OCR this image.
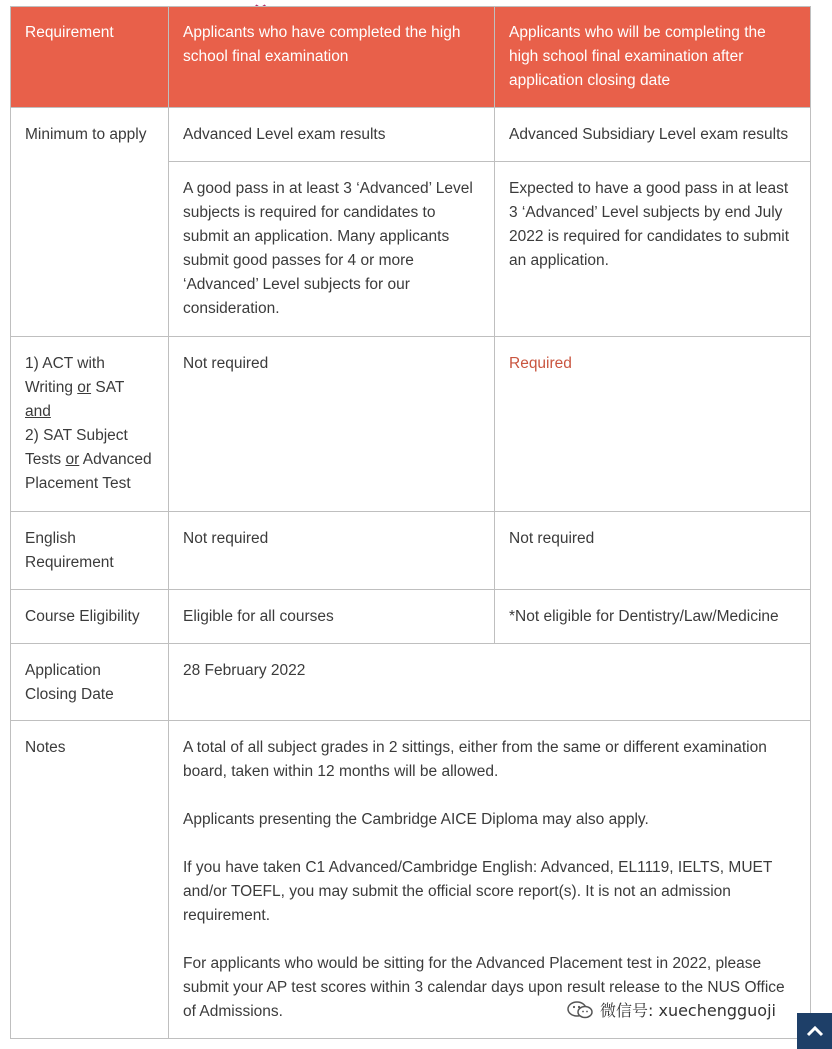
Requirement	Applicants who have completed the high school final examination	Applicants who will be completing the high school final examination after application closing date
Minimum to apply	Advanced Level exam results	Advanced Subsidiary Level exam results
	A good pass in at least 3 ‘Advanced’ Level subjects is required for candidates to submit an application. Many applicants submit good passes for 4 or more ‘Advanced’ Level subjects for our consideration.	Expected to have a good pass in at least 3 ‘Advanced’ Level subjects by end July 2022 is required for candidates to submit an application.
1) ACT with Writing or SAT
and
2) SAT Subject Tests or Advanced Placement Test	Not required	Required
English Requirement	Not required	Not required
Course Eligibility	Eligible for all courses	*Not eligible for Dentistry/Law/Medicine
Application Closing Date	28 February 2022	
Notes	A total of all subject grades in 2 sittings, either from the same or different examination board, taken within 12 months will be allowed.

Applicants presenting the Cambridge AICE Diploma may also apply.

If you have taken C1 Advanced/Cambridge English: Advanced, EL1119, IELTS, MUET and/or TOEFL, you may submit the official score report(s). It is not an admission requirement.

For applicants who would be sitting for the Advanced Placement test in 2022, please submit your AP test scores within 3 calendar days upon result release to the NUS Office of Admissions.		微信号: xuechengguoji
